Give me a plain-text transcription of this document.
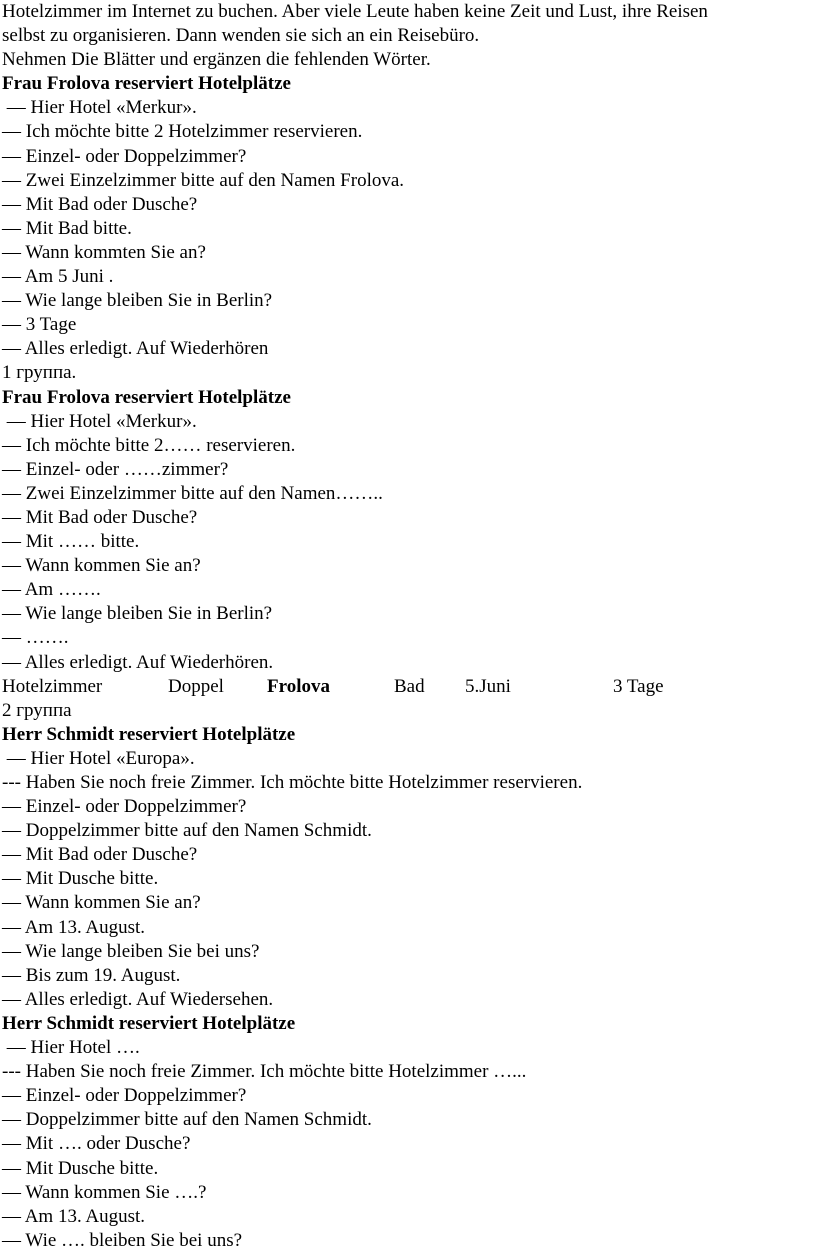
Hotelzimmer im Internet zu buchen. Aber viele Leute haben keine Zeit und Lust, ihre Reisen
selbst zu organisieren. Dann wenden sie sich an ein Reisebüro.
Nehmen Die Blätter und ergänzen die fehlenden Wörter.
Frau Frolova reserviert Hotelplätze
— Hier Hotel «Merkur».
— Ich möchte bitte 2 Hotelzimmer reservieren.
— Einzel- oder Doppelzimmer?
— Zwei Einzelzimmer bitte auf den Namen Frolova.
— Mit Bad oder Dusche?
— Mit Bad bitte.
— Wann kommten Sie an?
— Am 5 Juni .
— Wie lange bleiben Sie in Berlin?
— 3 Tage
— Alles erledigt. Auf Wiederhören
1 группа.
Frau Frolova reserviert Hotelplätze
— Hier Hotel «Merkur».
— Ich möchte bitte 2…… reservieren.
— Einzel- oder ……zimmer?
— Zwei Einzelzimmer bitte auf den Namen……..
— Mit Bad oder Dusche?
— Mit …… bitte.
— Wann kommen Sie an?
— Am …….
— Wie lange bleiben Sie in Berlin?
— …….
— Alles erledigt. Auf Wiederhören.

Hotelzimmer

	Doppel

Frolova

	Bad

5.Juni

	3 Tage

2 группа
Herr Schmidt reserviert Hotelplätze
— Hier Hotel «Europa».
--- Haben Sie noch freie Zimmer. Ich möchte bitte Hotelzimmer reservieren.
— Einzel- oder Doppelzimmer?
— Doppelzimmer bitte auf den Namen Schmidt.
— Mit Bad oder Dusche?
— Mit Dusche bitte.
— Wann kommen Sie an?
— Am 13. August.
— Wie lange bleiben Sie bei uns?
— Bis zum 19. August.
— Alles erledigt. Auf Wiedersehen.
Herr Schmidt reserviert Hotelplätze
— Hier Hotel ….
--- Haben Sie noch freie Zimmer. Ich möchte bitte Hotelzimmer …...
— Einzel- oder Doppelzimmer?
— Doppelzimmer bitte auf den Namen Schmidt.
— Mit …. oder Dusche?
— Mit Dusche bitte.
— Wann kommen Sie ….?
— Am 13. August.
— Wie …. bleiben Sie bei uns?
